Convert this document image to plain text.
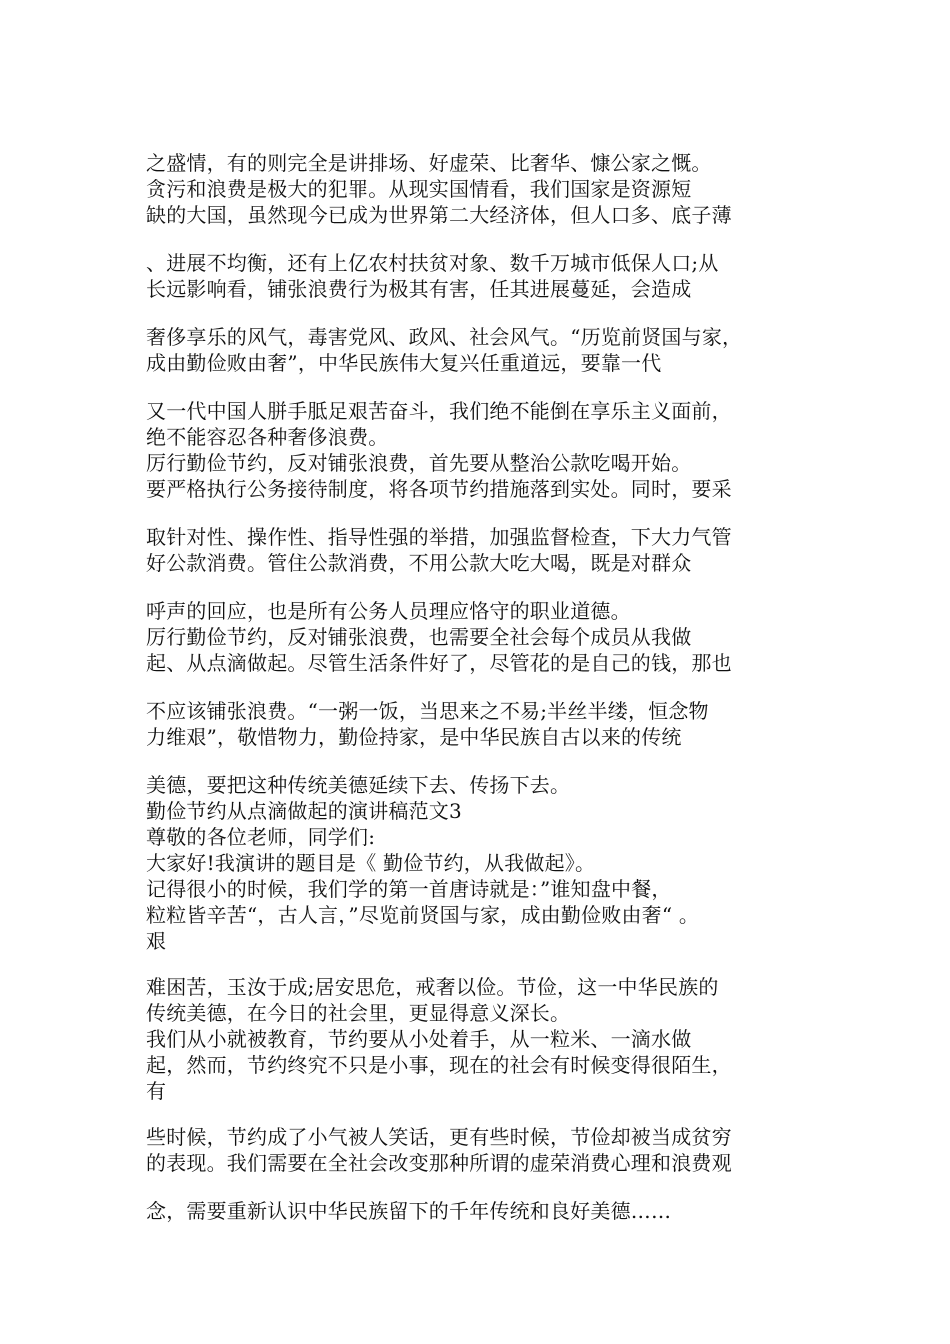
之盛情，有的则完全是讲排场、好虚荣、比奢华、慷公家之慨。
贪污和浪费是极大的犯罪。从现实国情看，我们国家是资源短
缺的大国，虽然现今已成为世界第二大经济体，但人口多、底子薄
、进展不均衡，还有上亿农村扶贫对象、数千万城市低保人口;从
长远影响看，铺张浪费行为极其有害，任其进展蔓延，会造成
奢侈享乐的风气，毒害党风、政风、社会风气。“历览前贤国与家，
成由勤俭败由奢”，中华民族伟大复兴任重道远，要靠一代
又一代中国人胼手胝足艰苦奋斗，我们绝不能倒在享乐主义面前，
绝不能容忍各种奢侈浪费。
厉行勤俭节约，反对铺张浪费，首先要从整治公款吃喝开始。
要严格执行公务接待制度，将各项节约措施落到实处。同时，要采
取针对性、操作性、指导性强的举措，加强监督检查，下大力气管
好公款消费。管住公款消费，不用公款大吃大喝，既是对群众
呼声的回应，也是所有公务人员理应恪守的职业道德。
厉行勤俭节约，反对铺张浪费，也需要全社会每个成员从我做
起、从点滴做起。尽管生活条件好了，尽管花的是自己的钱，那也
不应该铺张浪费。“一粥一饭，当思来之不易;半丝半缕，恒念物
力维艰”，敬惜物力，勤俭持家，是中华民族自古以来的传统
美德，要把这种传统美德延续下去、传扬下去。
勤俭节约从点滴做起的演讲稿范文3
尊敬的各位老师，同学们:
大家好!我演讲的题目是《 勤俭节约，从我做起》。
记得很小的时候，我们学的第一首唐诗就是：”谁知盘中餐，
粒粒皆辛苦“，古人言，”尽览前贤国与家，成由勤俭败由奢“ 。
艰
难困苦，玉汝于成;居安思危，戒奢以俭。节俭，这一中华民族的
传统美德，在今日的社会里，更显得意义深长。
我们从小就被教育，节约要从小处着手，从一粒米、一滴水做
起，然而，节约终究不只是小事，现在的社会有时候变得很陌生，
有
些时候，节约成了小气被人笑话，更有些时候，节俭却被当成贫穷
的表现。我们需要在全社会改变那种所谓的虚荣消费心理和浪费观
念，需要重新认识中华民族留下的千年传统和良好美德……
